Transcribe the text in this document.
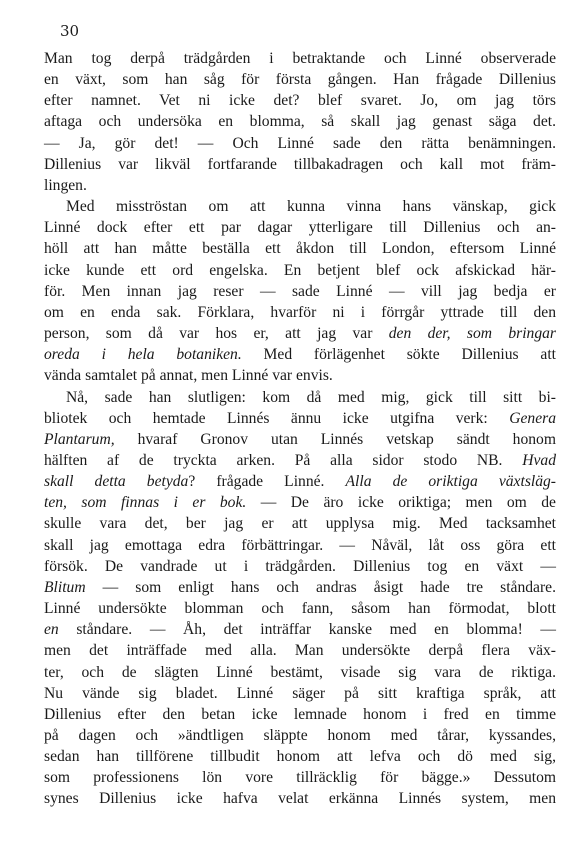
30
Man tog derpå trädgården i betraktande och Linné observerade
en växt, som han såg för första gången. Han frågade Dillenius
efter namnet. Vet ni icke det? blef svaret. Jo, om jag törs
aftaga och undersöka en blomma, så skall jag genast säga det.
— Ja, gör det! — Och Linné sade den rätta benämningen.
Dillenius var likväl fortfarande tillbakadragen och kall mot främ-
lingen.
Med misströstan om att kunna vinna hans vänskap, gick
Linné dock efter ett par dagar ytterligare till Dillenius och an-
höll att han måtte beställa ett åkdon till London, eftersom Linné
icke kunde ett ord engelska. En betjent blef ock afskickad här-
för. Men innan jag reser — sade Linné — vill jag bedja er
om en enda sak. Förklara, hvarför ni i förrgår yttrade till den
person, som då var hos er, att jag var den der, som bringar
oreda i hela botaniken. Med förlägenhet sökte Dillenius att
vända samtalet på annat, men Linné var envis.
Nå, sade han slutligen: kom då med mig, gick till sitt bi-
bliotek och hemtade Linnés ännu icke utgifna verk: Genera
Plantarum, hvaraf Gronov utan Linnés vetskap sändt honom
hälften af de tryckta arken. På alla sidor stodo NB. Hvad
skall detta betyda? frågade Linné. Alla de oriktiga växtsläg-
ten, som finnas i er bok. — De äro icke oriktiga; men om de
skulle vara det, ber jag er att upplysa mig. Med tacksamhet
skall jag emottaga edra förbättringar. — Nåväl, låt oss göra ett
försök. De vandrade ut i trädgården. Dillenius tog en växt —
Blitum — som enligt hans och andras åsigt hade tre ståndare.
Linné undersökte blomman och fann, såsom han förmodat, blott
en ståndare. — Åh, det inträffar kanske med en blomma! —
men det inträffade med alla. Man undersökte derpå flera väx-
ter, och de slägten Linné bestämt, visade sig vara de riktiga.
Nu vände sig bladet. Linné säger på sitt kraftiga språk, att
Dillenius efter den betan icke lemnade honom i fred en timme
på dagen och »ändtligen släppte honom med tårar, kyssandes,
sedan han tillförene tillbudit honom att lefva och dö med sig,
som professionens lön vore tillräcklig för bägge.» Dessutom
synes Dillenius icke hafva velat erkänna Linnés system, men
